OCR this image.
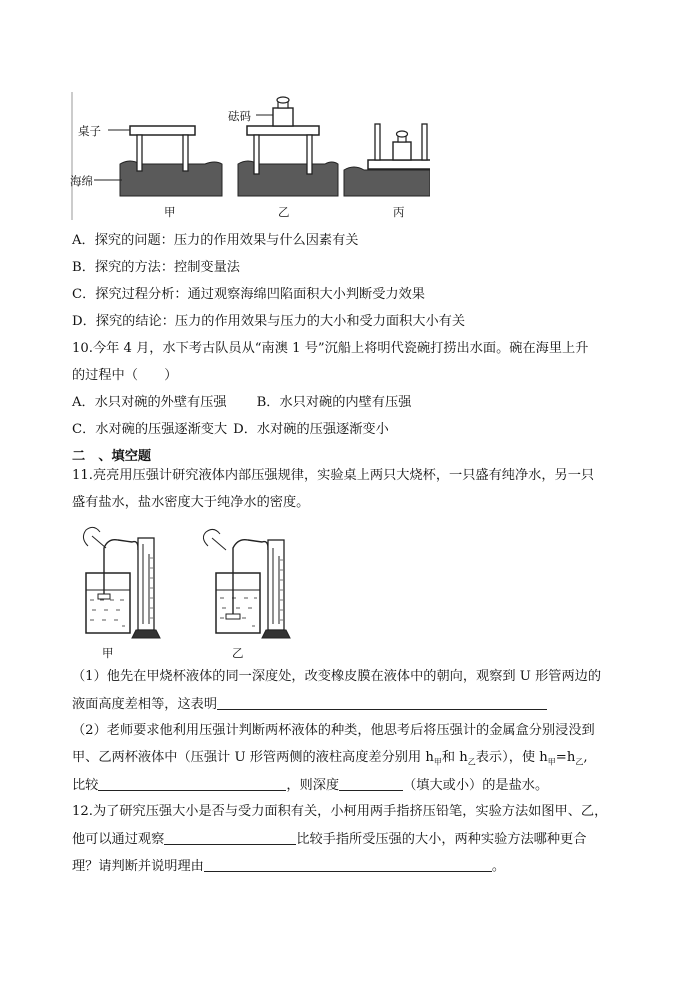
桌子
海绵
砝码
甲	乙	丙
A．探究的问题：压力的作用效果与什么因素有关
B．探究的方法：控制变量法
C．探究过程分析：通过观察海绵凹陷面积大小判断受力效果
D．探究的结论：压力的作用效果与压力的大小和受力面积大小有关
10.今年 4 月，水下考古队员从“南澳 1 号”沉船上将明代瓷碗打捞出水面。碗在海里上升
的过程中（　　）
A．水只对碗的外壁有压强 B．水只对碗的内壁有压强
C．水对碗的压强逐渐变大 D．水对碗的压强逐渐变小
二　、填空题
11.亮亮用压强计研究液体内部压强规律，实验桌上两只大烧杯，一只盛有纯净水，另一只
盛有盐水，盐水密度大于纯净水的密度。
甲	乙
（1）他先在甲烧杯液体的同一深度处，改变橡皮膜在液体中的朝向，观察到 U 形管两边的
液面高度差相等，这表明
（2）老师要求他利用压强计判断两杯液体的种类，他思考后将压强计的金属盒分别浸没到
甲、乙两杯液体中（压强计 U 形管两侧的液柱高度差分别用 $h_甲$和 $h_乙$表示），使 $h_甲=h_乙$,
比较	，则深度	（填大或小）的是盐水。
12.为了研究压强大小是否与受力面积有关，小柯用两手指挤压铅笔，实验方法如图甲、乙，
他可以通过观察	比较手指所受压强的大小，两种实验方法哪种更合
理？请判断并说明理由	。
